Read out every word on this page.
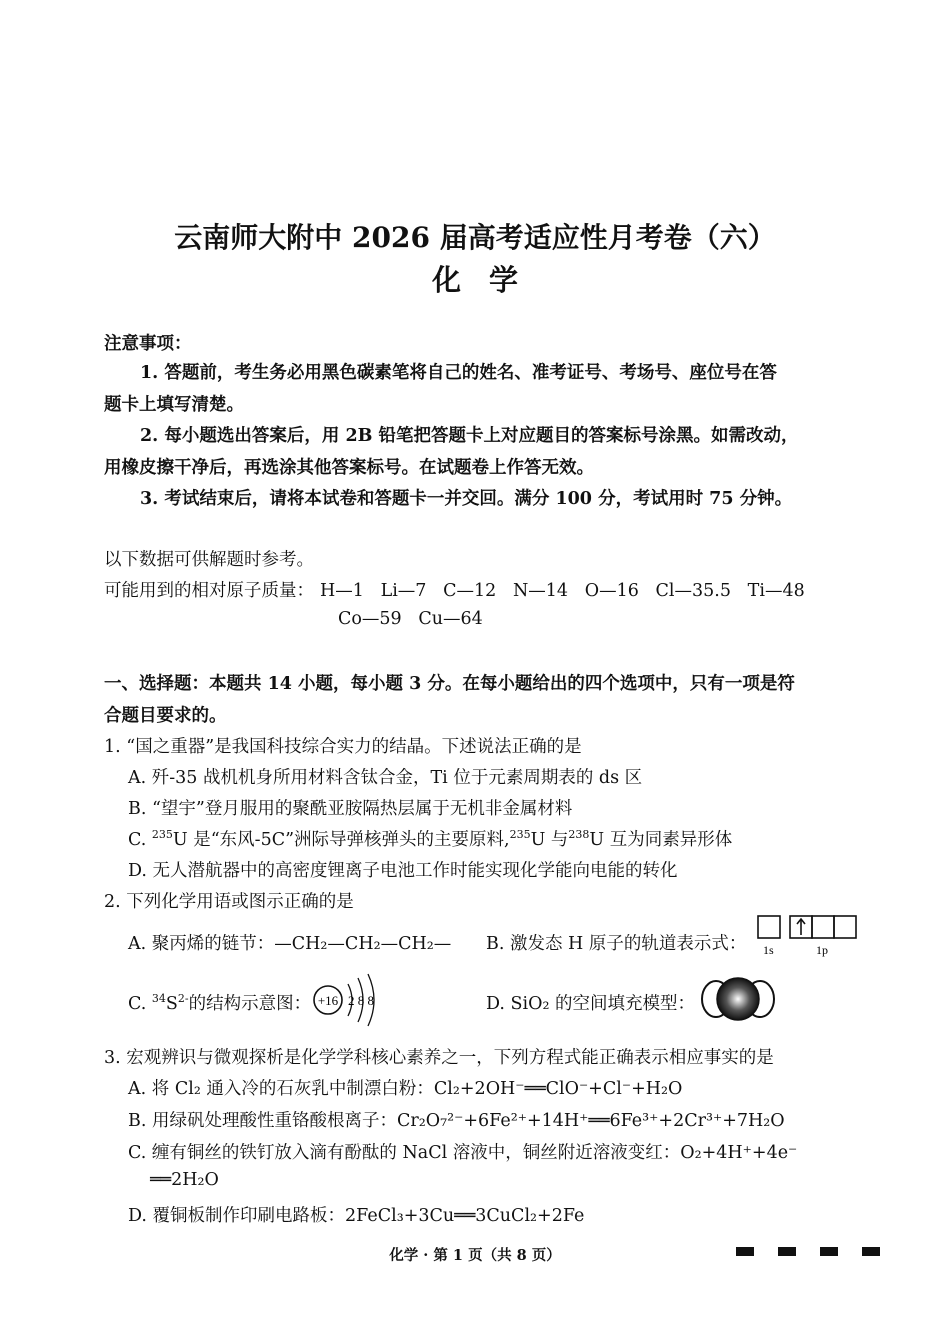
云南师大附中 2026 届高考适应性月考卷（六）
化学
注意事项：
1. 答题前，考生务必用黑色碳素笔将自己的姓名、准考证号、考场号、座位号在答
题卡上填写清楚。
2. 每小题选出答案后，用 2B 铅笔把答题卡上对应题目的答案标号涂黑。如需改动，
用橡皮擦干净后，再选涂其他答案标号。在试题卷上作答无效。
3. 考试结束后，请将本试卷和答题卡一并交回。满分 100 分，考试用时 75 分钟。
以下数据可供解题时参考。
可能用到的相对原子质量： H—1   Li—7   C—12   N—14   O—16   Cl—35.5   Ti—48
Co—59   Cu—64
一、选择题：本题共 14 小题，每小题 3 分。在每小题给出的四个选项中，只有一项是符
合题目要求的。
1. “国之重器”是我国科技综合实力的结晶。下述说法正确的是
A. 歼-35 战机机身所用材料含钛合金，Ti 位于元素周期表的 ds 区
B. “望宇”登月服用的聚酰亚胺隔热层属于无机非金属材料
C. $^{235}$U 是“东风-5C”洲际导弹核弹头的主要原料,$^{235}$U 与$^{238}$U 互为同素异形体
D. 无人潜航器中的高密度锂离子电池工作时能实现化学能向电能的转化
2. 下列化学用语或图示正确的是
A. 聚丙烯的链节：—CH₂—CH₂—CH₂— B. 激发态 H 原子的轨道表示式： 1s	1p
C. $^{34}S^{2-}$的结构示意图： +16 2 8 8	D. SiO₂ 的空间填充模型：
3. 宏观辨识与微观探析是化学学科核心素养之一，下列方程式能正确表示相应事实的是
A. 将 Cl₂ 通入冷的石灰乳中制漂白粉：Cl₂+2OH⁻══ClO⁻+Cl⁻+H₂O
B. 用绿矾处理酸性重铬酸根离子：Cr₂O₇²⁻+6Fe²⁺+14H⁺══6Fe³⁺+2Cr³⁺+7H₂O
C. 缠有铜丝的铁钉放入滴有酚酞的 NaCl 溶液中，铜丝附近溶液变红：O₂+4H⁺+4e⁻
══2H₂O
D. 覆铜板制作印刷电路板：2FeCl₃+3Cu══3CuCl₂+2Fe
化学 · 第 1 页（共 8 页）
